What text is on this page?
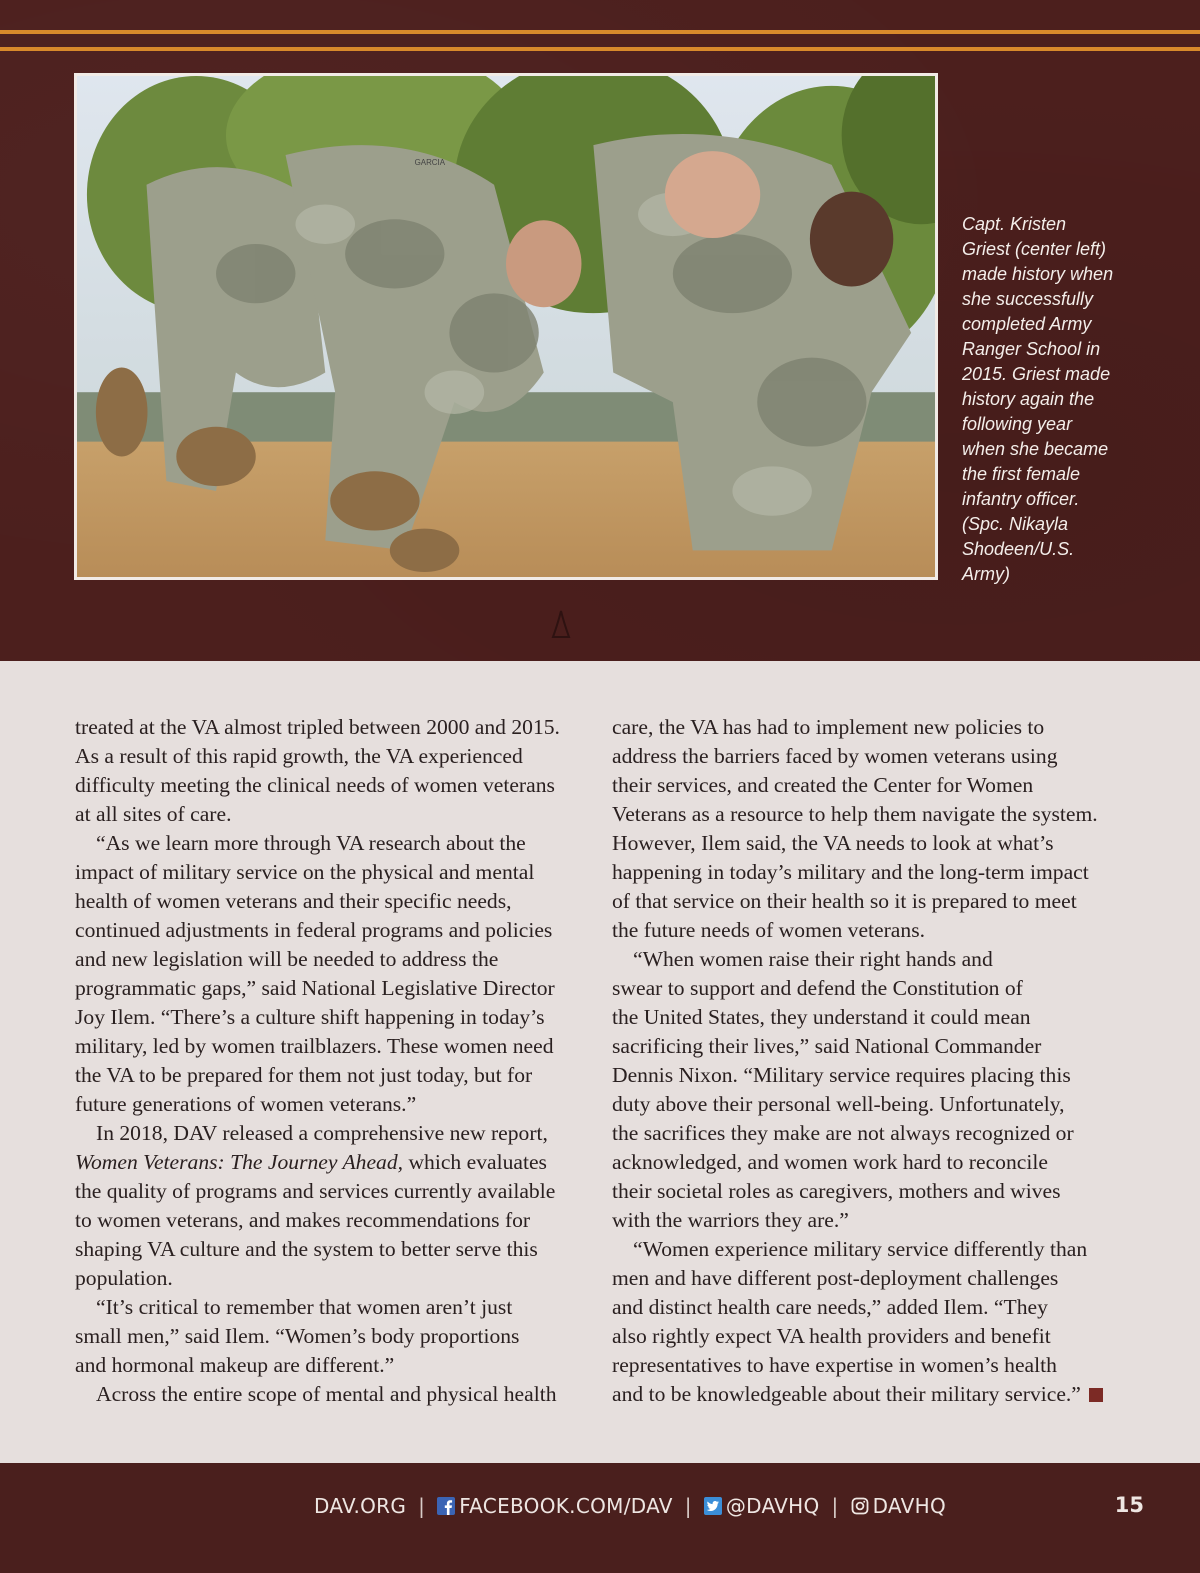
GARCIA
Capt. Kristen
Griest (center left)
made history when
she successfully
completed Army
Ranger School in
2015. Griest made
history again the
following year
when she became
the first female
infantry officer.
(Spc. Nikayla
Shodeen/U.S.
Army)

treated at the VA almost tripled between 2000 and 2015.
As a result of this rapid growth, the VA experienced
difficulty meeting the clinical needs of women veterans
at all sites of care.

“As we learn more through VA research about the
impact of military service on the physical and mental
health of women veterans and their specific needs,
continued adjustments in federal programs and policies
and new legislation will be needed to address the
programmatic gaps,” said National Legislative Director
Joy Ilem. “There’s a culture shift happening in today’s
military, led by women trailblazers. These women need
the VA to be prepared for them not just today, but for
future generations of women veterans.”

In 2018, DAV released a comprehensive new report,
Women Veterans: The Journey Ahead, which evaluates
the quality of programs and services currently available
to women veterans, and makes recommendations for
shaping VA culture and the system to better serve this
population.

“It’s critical to remember that women aren’t just
small men,” said Ilem. “Women’s body proportions
and hormonal makeup are different.”

Across the entire scope of mental and physical health

care, the VA has had to implement new policies to
address the barriers faced by women veterans using
their services, and created the Center for Women
Veterans as a resource to help them navigate the system.
However, Ilem said, the VA needs to look at what’s
happening in today’s military and the long-term impact
of that service on their health so it is prepared to meet
the future needs of women veterans.

“When women raise their right hands and
swear to support and defend the Constitution of
the United States, they understand it could mean
sacrificing their lives,” said National Commander
Dennis Nixon. “Military service requires placing this
duty above their personal well-being. Unfortunately,
the sacrifices they make are not always recognized or
acknowledged, and women work hard to reconcile
their societal roles as caregivers, mothers and wives
with the warriors they are.”

“Women experience military service differently than
men and have different post-deployment challenges
and distinct health care needs,” added Ilem. “They
also rightly expect VA health providers and benefit
representatives to have expertise in women’s health
and to be knowledgeable about their military service.”

DAV.ORG | FACEBOOK.COM/DAV | @DAVHQ | DAVHQ	15
